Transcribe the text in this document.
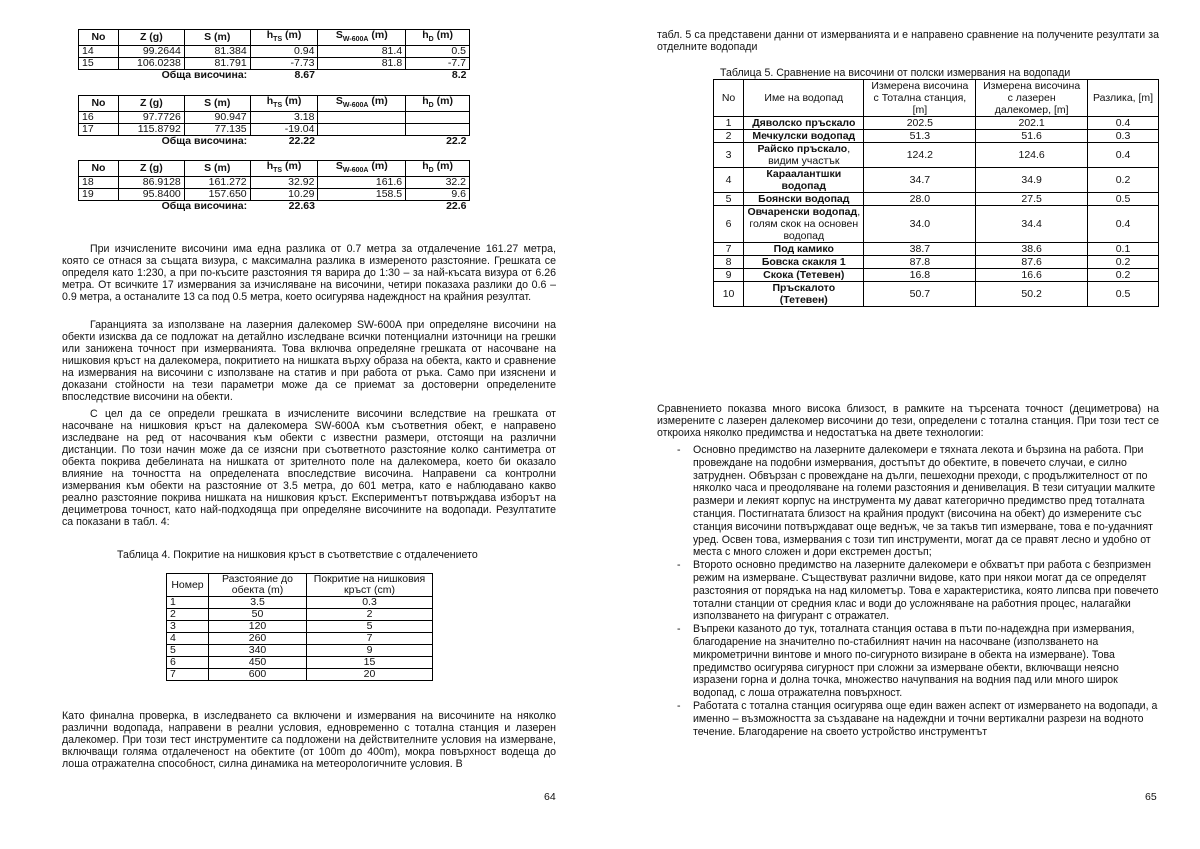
No	Z (g)	S (m)	$h_{TS}$ (m)	$S_{W-600A}$ (m)	$h_D$ (m)
14	99.2644	81.384	0.94	81.4	0.5
15	106.0238	81.791	-7.73	81.8	-7.7
Обща височина:			8.67		8.2
No	Z (g)	S (m)	$h_{TS}$ (m)	$S_{W-600A}$ (m)	$h_D$ (m)
16	97.7726	90.947	3.18		
17	115.8792	77.135	-19.04		
Обща височина:			22.22		22.2
No	Z (g)	S (m)	$h_{TS}$ (m)	$S_{W-600A}$ (m)	$h_D$ (m)
18	86.9128	161.272	32.92	161.6	32.2
19	95.8400	157.650	10.29	158.5	9.6
Обща височина:			22.63		22.6

При изчислените височини има една разлика от 0.7 метра за отдалечение 161.27 метра, която се отнася за същата визура, с максимална разлика в измереното разстояние. Грешката се определя като 1:230, а при по-късите разстояния тя варира до 1:30 – за най-късата визура от 6.26 метра. От всичките 17 измервания за изчисляване на височини, четири показаха разлики до 0.6 – 0.9 метра, а останалите 13 са под 0.5 метра, което осигурява надеждност на крайния резултат.

Гаранцията за използване на лазерния далекомер SW-600A при определяне височини на обекти изисква да се подложат на детайлно изследване всички потенциални източници на грешки или занижена точност при измерванията. Това включва определяне грешката от насочване на нишковия кръст на далекомера, покритието на нишката върху образа на обекта, както и сравнение на измервания на височини с използване на статив и при работа от ръка. Само при изяснени и доказани стойности на тези параметри може да се приемат за достоверни определените впоследствие височини на обекти.

С цел да се определи грешката в изчислените височини вследствие на грешката от насочване на нишковия кръст на далекомера SW-600A към съответния обект, е направено изследване на ред от насочвания към обекти с известни размери, отстоящи на различни дистанции. По този начин може да се изясни при съответното разстояние колко сантиметра от обекта покрива дебелината на нишката от зрителното поле на далекомера, което би оказало влияние на точността на определената впоследствие височина. Направени са контролни измервания към обекти на разстояние от 3.5 метра, до 601 метра, като е наблюдавано какво реално разстояние покрива нишката на нишковия кръст. Експериментът потвърждава изборът на дециметрова точност, като най-подходяща при определяне височините на водопади. Резултатите са показани в табл. 4:

Таблица 4. Покритие на нишковия кръст в съответствие с отдалечението

Номер	Разстояние до обекта (m)	Покритие на нишковия кръст (cm)
1	3.5	0.3
2	50	2
3	120	5
4	260	7
5	340	9
6	450	15
7	600	20

Като финална проверка, в изследването са включени и измервания на височините на няколко различни водопада, направени в реални условия, едновременно с тотална станция и лазерен далекомер. При този тест инструментите са подложени на действителните условия на измерване, включващи голяма отдалеченост на обектите (от 100m до 400m), мокра повърхност водеща до лоша отражателна способност, силна динамика на метеорологичните условия. В

64

табл. 5 са представени данни от измерванията и е направено сравнение на получените резултати за отделните водопади

Таблица 5. Сравнение на височини от полски измервания на водопади

No	Име на водопад	Измерена височина с Тотална станция, [m]	Измерена височина с лазерен далекомер, [m]	Разлика, [m]
1	Дяволско пръскало	202.5	202.1	0.4
2	Мечкулски водопад	51.3	51.6	0.3
3	Райско пръскало, видим участък	124.2	124.6	0.4
4	Караалантшки водопад	34.7	34.9	0.2
5	Боянски водопад	28.0	27.5	0.5
6	Овчаренски водопад, голям скок на основен водопад	34.0	34.4	0.4
7	Под камико	38.7	38.6	0.1
8	Бовска скакля 1	87.8	87.6	0.2
9	Скока (Тетевен)	16.8	16.6	0.2
10	Пръскалото (Тетевен)	50.7	50.2	0.5

Сравнението показва много висока близост, в рамките на търсената точност (дециметрова) на измерените с лазерен далекомер височини до тези, определени с тотална станция. При този тест се откроиха няколко предимства и недостатъка на двете технологии:

- Основно предимство на лазерните далекомери е тяхната лекота и бързина на работа. При провеждане на подобни измервания, достъпът до обектите, в повечето случаи, е силно затруднен. Обвързан с провеждане на дълги, пешеходни преходи, с продължителност от по няколко часа и преодоляване на големи разстояния и денивелация. В тези ситуации малките размери и лекият корпус на инструмента му дават категорично предимство пред тоталната станция. Постигнатата близост на крайния продукт (височина на обект) до измерените със станция височини потвърждават още веднъж, че за такъв тип измерване, това е по-удачният уред. Освен това, измервания с този тип инструменти, могат да се правят лесно и удобно от места с много сложен и дори екстремен достъп;
- Второто основно предимство на лазерните далекомери е обхватът при работа с безпризмен режим на измерване. Съществуват различни видове, като при някои могат да се определят разстояния от порядъка на над километър. Това е характеристика, която липсва при повечето тотални станции от средния клас и води до усложняване на работния процес, налагайки използването на фигурант с отражател.
- Въпреки казаното до тук, тоталната станция остава в пъти по-надеждна при измервания, благодарение на значително по-стабилният начин на насочване (използването на микрометрични винтове и много по-сигурното визиране в обекта на измерване). Това предимство осигурява сигурност при сложни за измерване обекти, включващи неясно изразени горна и долна точка, множество начупвания на водния пад или много широк водопад, с лоша отражателна повърхност.
- Работата с тотална станция осигурява още един важен аспект от измерването на водопади, а именно – възможността за създаване на надеждни и точни вертикални разрези на водното течение. Благодарение на своето устройство инструментът
65
